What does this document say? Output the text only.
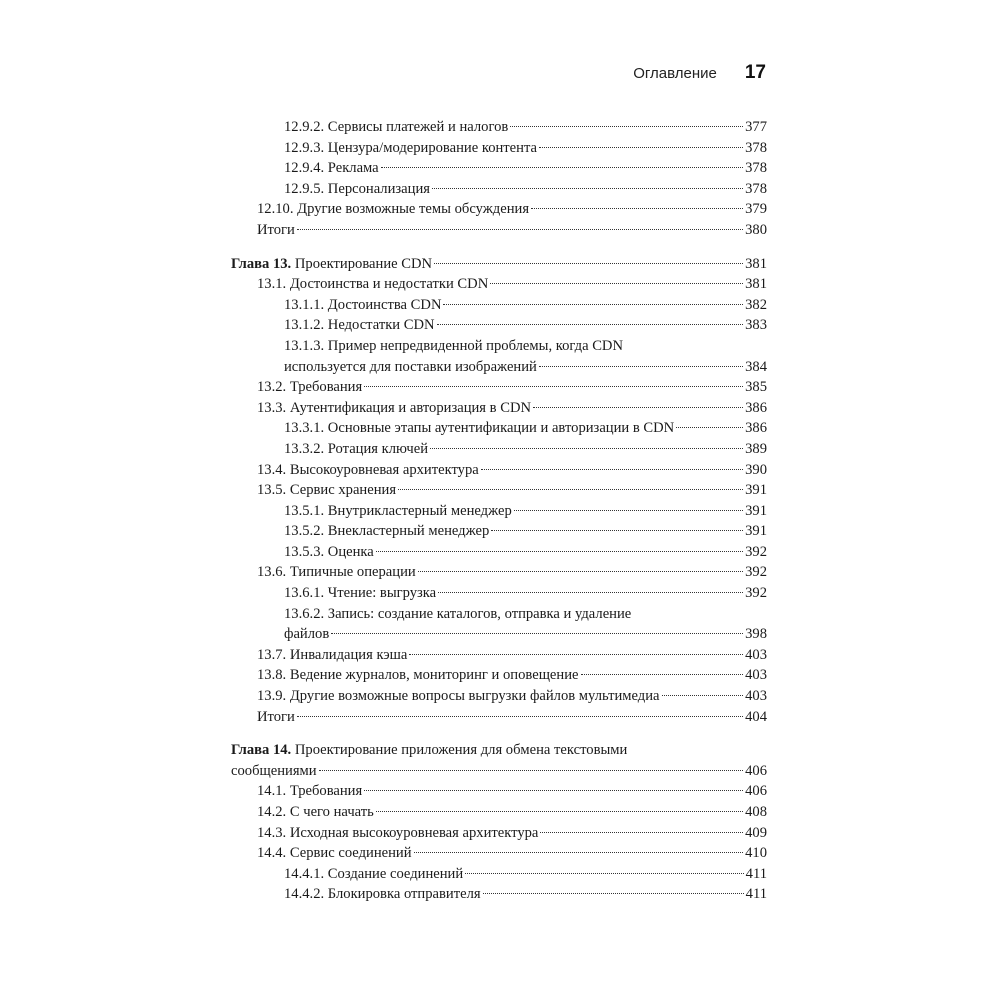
Оглавление 17
12.9.2. Сервисы платежей и налогов	377
12.9.3. Цензура/модерирование контента	378
12.9.4. Реклама	378
12.9.5. Персонализация	378
12.10. Другие возможные темы обсуждения	379
Итоги	380
Глава 13. Проектирование CDN	381
13.1. Достоинства и недостатки CDN	381
13.1.1. Достоинства CDN	382
13.1.2. Недостатки CDN	383
13.1.3. Пример непредвиденной проблемы, когда CDN
используется для поставки изображений	384
13.2. Требования	385
13.3. Аутентификация и авторизация в CDN	386
13.3.1. Основные этапы аутентификации и авторизации в CDN	386
13.3.2. Ротация ключей	389
13.4. Высокоуровневая архитектура	390
13.5. Сервис хранения	391
13.5.1. Внутрикластерный менеджер	391
13.5.2. Внекластерный менеджер	391
13.5.3. Оценка	392
13.6. Типичные операции	392
13.6.1. Чтение: выгрузка	392
13.6.2. Запись: создание каталогов, отправка и удаление
файлов	398
13.7. Инвалидация кэша	403
13.8. Ведение журналов, мониторинг и оповещение	403
13.9. Другие возможные вопросы выгрузки файлов мультимедиа	403
Итоги	404
Глава 14. Проектирование приложения для обмена текстовыми
сообщениями	406
14.1. Требования	406
14.2. С чего начать	408
14.3. Исходная высокоуровневая архитектура	409
14.4. Сервис соединений	410
14.4.1. Создание соединений	411
14.4.2. Блокировка отправителя	411
